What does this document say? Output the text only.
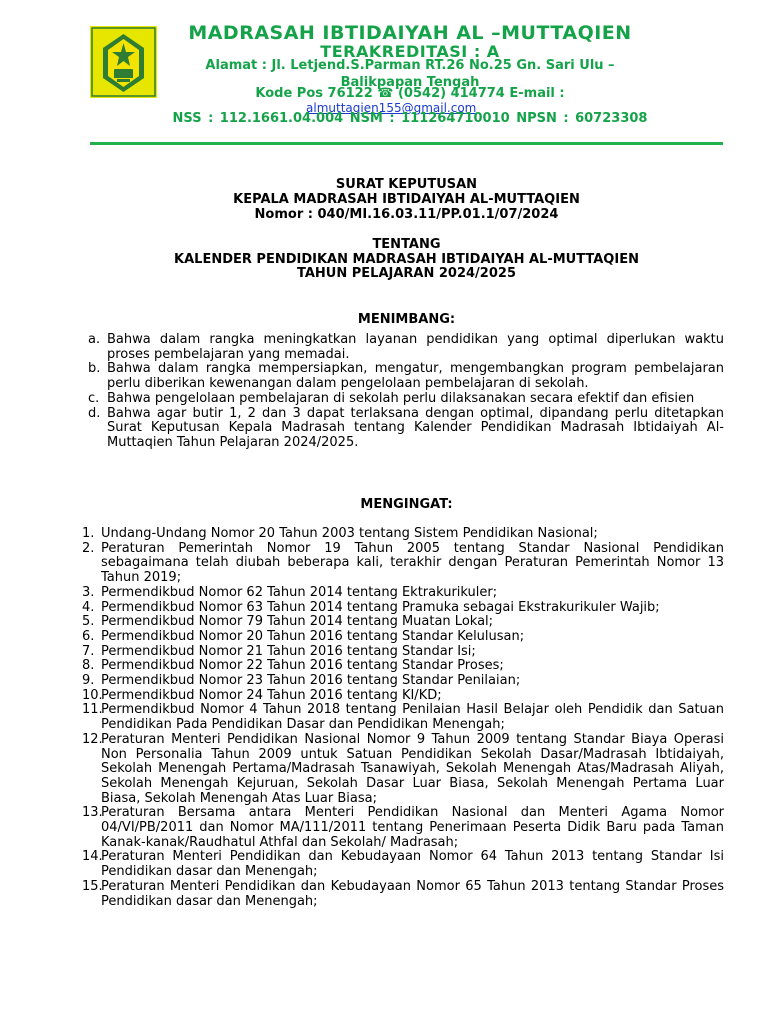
MADRASAH IBTIDAIYAH AL –MUTTAQIEN
TERAKREDITASI : A
Alamat : Jl. Letjend.S.Parman RT.26 No.25 Gn. Sari Ulu –
Balikpapan Tengah
Kode Pos 76122 ☎ (0542) 414774 E-mail :
almuttaqien155@gmail.com
NSS : 112.1661.04.004 NSM : 111264710010 NPSN : 60723308
SURAT KEPUTUSAN
KEPALA MADRASAH IBTIDAIYAH AL-MUTTAQIEN
Nomor : 040/MI.16.03.11/PP.01.1/07/2024
TENTANG
KALENDER PENDIDIKAN MADRASAH IBTIDAIYAH AL-MUTTAQIEN
TAHUN PELAJARAN 2024/2025
MENIMBANG:
a. Bahwa dalam rangka meningkatkan layanan pendidikan yang optimal diperlukan waktu proses pembelajaran yang memadai.
b. Bahwa dalam rangka mempersiapkan, mengatur, mengembangkan program pembelajaran perlu diberikan kewenangan dalam pengelolaan pembelajaran di sekolah.
c. Bahwa pengelolaan pembelajaran di sekolah perlu dilaksanakan secara efektif dan efisien
d. Bahwa agar butir 1, 2 dan 3 dapat terlaksana dengan optimal, dipandang perlu ditetapkan Surat Keputusan Kepala Madrasah tentang Kalender Pendidikan Madrasah Ibtidaiyah Al-Muttaqien Tahun Pelajaran 2024/2025.
MENGINGAT:
1. Undang-Undang Nomor 20 Tahun 2003 tentang Sistem Pendidikan Nasional;
2. Peraturan Pemerintah Nomor 19 Tahun 2005 tentang Standar Nasional Pendidikan sebagaimana telah diubah beberapa kali, terakhir dengan Peraturan Pemerintah Nomor 13 Tahun 2019;
3. Permendikbud Nomor 62 Tahun 2014 tentang Ektrakurikuler;
4. Permendikbud Nomor 63 Tahun 2014 tentang Pramuka sebagai Ekstrakurikuler Wajib;
5. Permendikbud Nomor 79 Tahun 2014 tentang Muatan Lokal;
6. Permendikbud Nomor 20 Tahun 2016 tentang Standar Kelulusan;
7. Permendikbud Nomor 21 Tahun 2016 tentang Standar Isi;
8. Permendikbud Nomor 22 Tahun 2016 tentang Standar Proses;
9. Permendikbud Nomor 23 Tahun 2016 tentang Standar Penilaian;
10.
Permendikbud Nomor 24 Tahun 2016 tentang KI/KD;
11.
Permendikbud Nomor 4 Tahun 2018 tentang Penilaian Hasil Belajar oleh Pendidik dan Satuan Pendidikan Pada Pendidikan Dasar dan Pendidikan Menengah;
12.
Peraturan Menteri Pendidikan Nasional Nomor 9 Tahun 2009 tentang Standar Biaya Operasi Non Personalia Tahun 2009 untuk Satuan Pendidikan Sekolah Dasar/Madrasah Ibtidaiyah, Sekolah Menengah Pertama/Madrasah Tsanawiyah, Sekolah Menengah Atas/Madrasah Aliyah, Sekolah Menengah Kejuruan, Sekolah Dasar Luar Biasa, Sekolah Menengah Pertama Luar Biasa, Sekolah Menengah Atas Luar Biasa;
13.
Peraturan Bersama antara Menteri Pendidikan Nasional dan Menteri Agama Nomor 04/VI/PB/2011 dan Nomor MA/111/2011 tentang Penerimaan Peserta Didik Baru pada Taman Kanak-kanak/Raudhatul Athfal dan Sekolah/ Madrasah;
14.
Peraturan Menteri Pendidikan dan Kebudayaan Nomor 64 Tahun 2013 tentang Standar Isi Pendidikan dasar dan Menengah;
15.
Peraturan Menteri Pendidikan dan Kebudayaan Nomor 65 Tahun 2013 tentang Standar Proses Pendidikan dasar dan Menengah;
